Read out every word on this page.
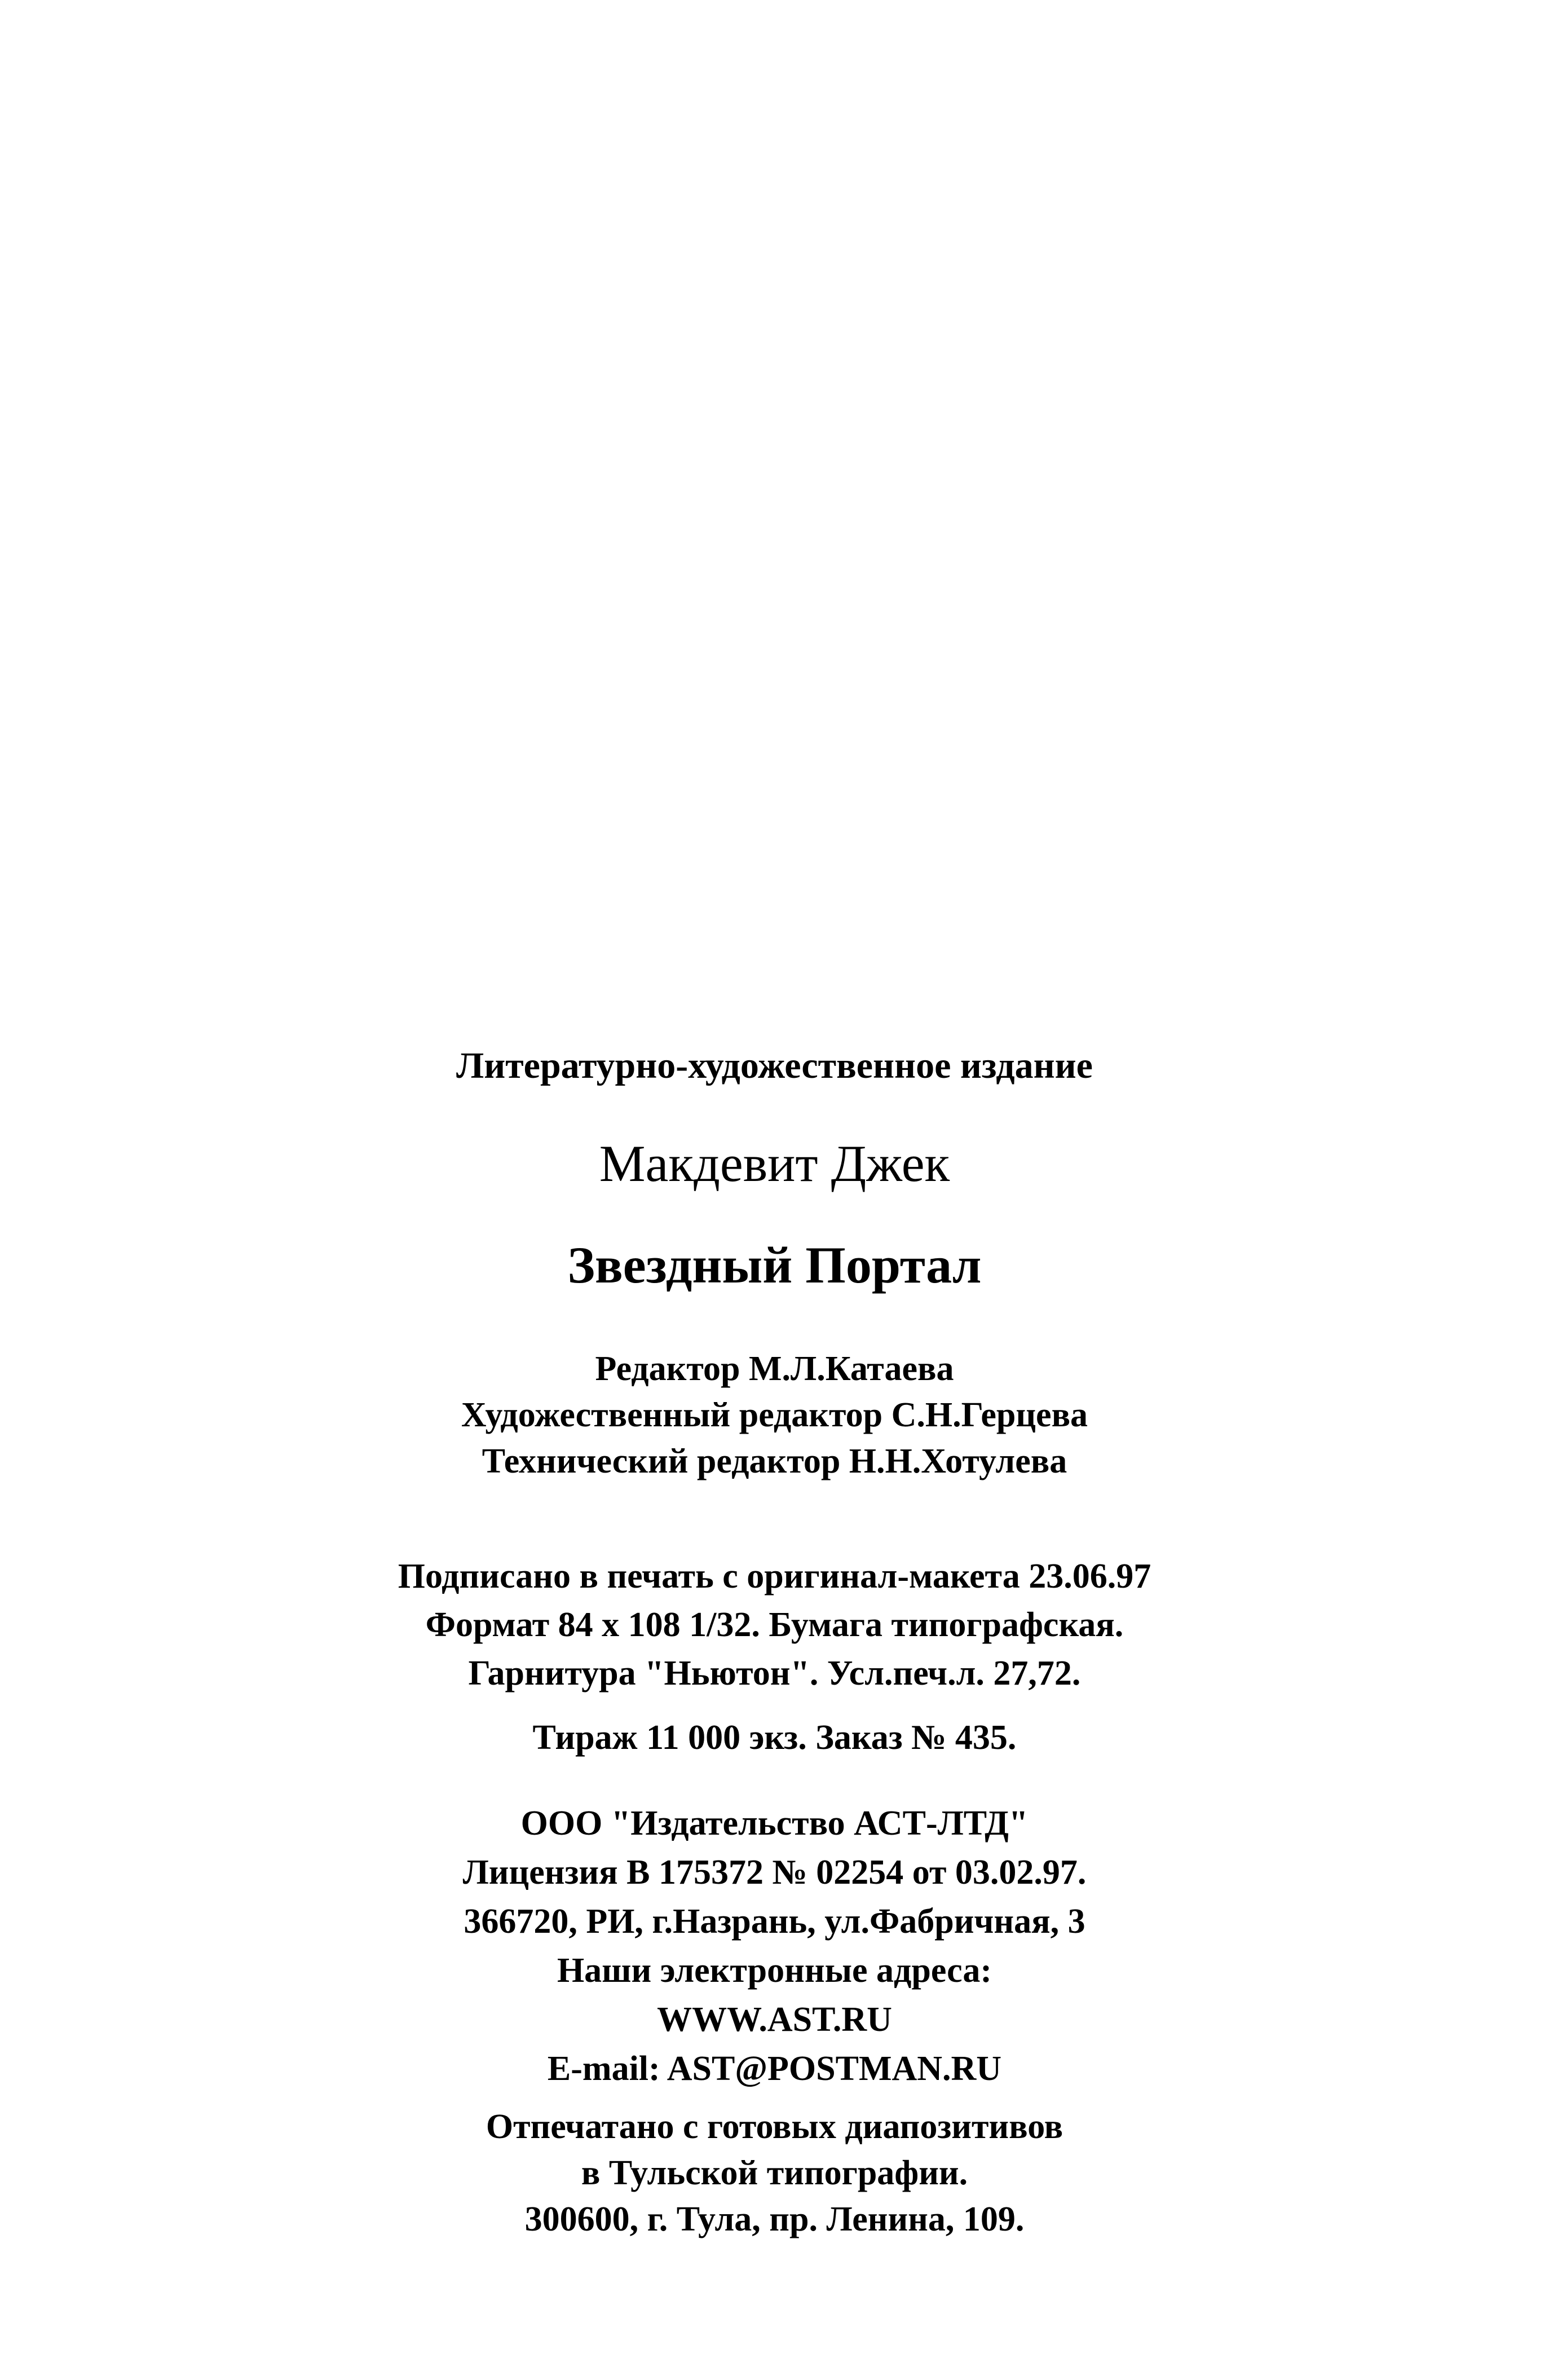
Литературно-художественное издание
Макдевит Джек
Звездный Портал
Редактор М.Л.Катаева
Художественный редактор С.Н.Герцева
Технический редактор Н.Н.Хотулева
Подписано в печать с оригинал-макета 23.06.97
Формат 84 x 108 1/32. Бумага типографская.
Гарнитура "Ньютон". Усл.печ.л. 27,72.
Тираж 11 000 экз. Заказ № 435.
ООО "Издательство АСТ-ЛТД"
Лицензия В 175372 № 02254 от 03.02.97.
366720, РИ, г.Назрань, ул.Фабричная, 3
Наши электронные адреса:
WWW.AST.RU
E-mail: AST@POSTMAN.RU
Отпечатано с готовых диапозитивов
в Тульской типографии.
300600, г. Тула, пр. Ленина, 109.
